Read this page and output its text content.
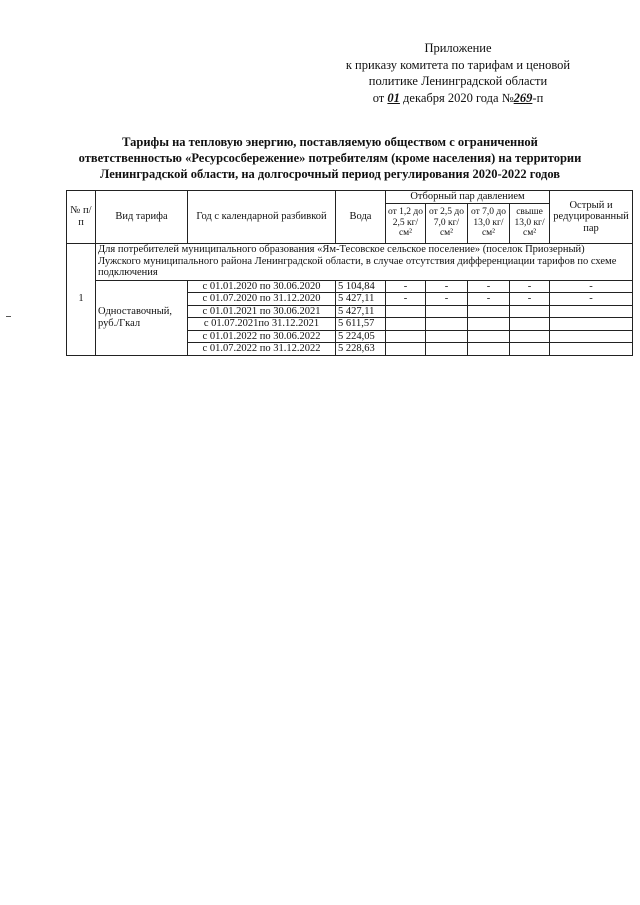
Приложение
к приказу комитета по тарифам и ценовой
политике Ленинградской области
от 01 декабря 2020 года №269-п
Тарифы на тепловую энергию, поставляемую обществом с ограниченной
ответственностью «Ресурсосбережение» потребителям (кроме населения) на территории
Ленинградской области, на долгосрочный период регулирования 2020-2022 годов
№ п/п	Вид тарифа	Год с календарной разбивкой	Вода	Отборный пар давлением				Острый и редуцированный пар
				от 1,2 до 2,5 кг/см²	от 2,5 до 7,0 кг/см²	от 7,0 до 13,0 кг/см²	свыше 13,0 кг/см²	
1	Для потребителей муниципального образования «Ям-Тесовское сельское поселение» (поселок Приозерный) Лужского муниципального района Ленинградской области, в случае отсутствия дифференциации тарифов по схеме подключения							
	Одноставочный, руб./Гкал	с 01.01.2020 по 30.06.2020	5 104,84	-	-	-	-	-
		с 01.07.2020 по 31.12.2020	5 427,11	-	-	-	-	-
		с 01.01.2021 по 30.06.2021	5 427,11					
		с 01.07.2021по 31.12.2021	5 611,57					
		с 01.01.2022 по 30.06.2022	5 224,05					
		с 01.07.2022 по 31.12.2022	5 228,63					
